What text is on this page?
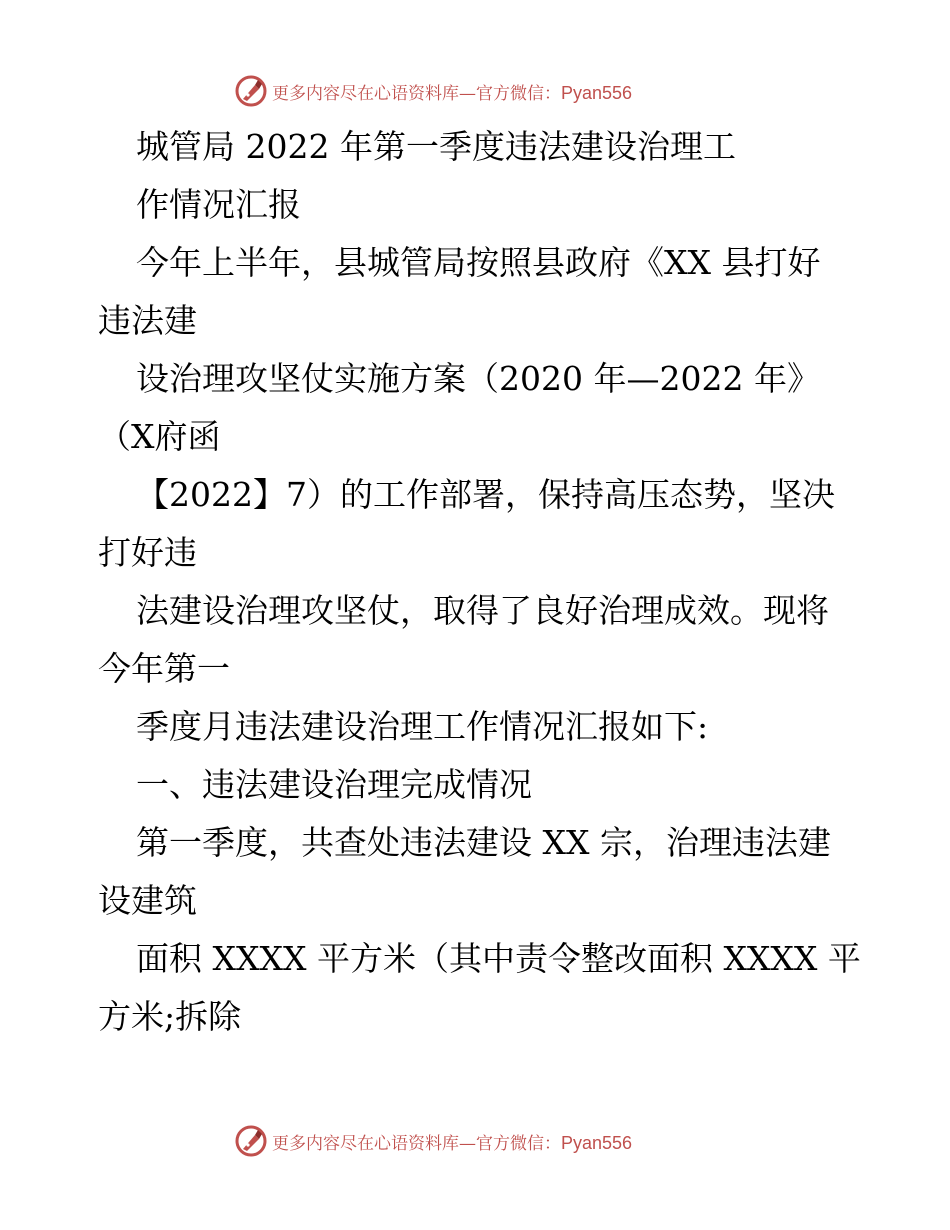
更多内容尽在心语资料库—官方微信：Pyan556
城管局 2022 年第一季度违法建设治理工
作情况汇报
今年上半年，县城管局按照县政府《XX 县打好
违法建
设治理攻坚仗实施方案（2020 年—2022 年》
（X府函
【2022】7）的工作部署，保持高压态势，坚决
打好违
法建设治理攻坚仗，取得了良好治理成效。现将
今年第一
季度月违法建设治理工作情况汇报如下:
一、违法建设治理完成情况
第一季度，共查处违法建设 XX 宗，治理违法建
设建筑
面积 XXXX 平方米（其中责令整改面积 XXXX 平
方米;拆除
更多内容尽在心语资料库—官方微信：Pyan556
